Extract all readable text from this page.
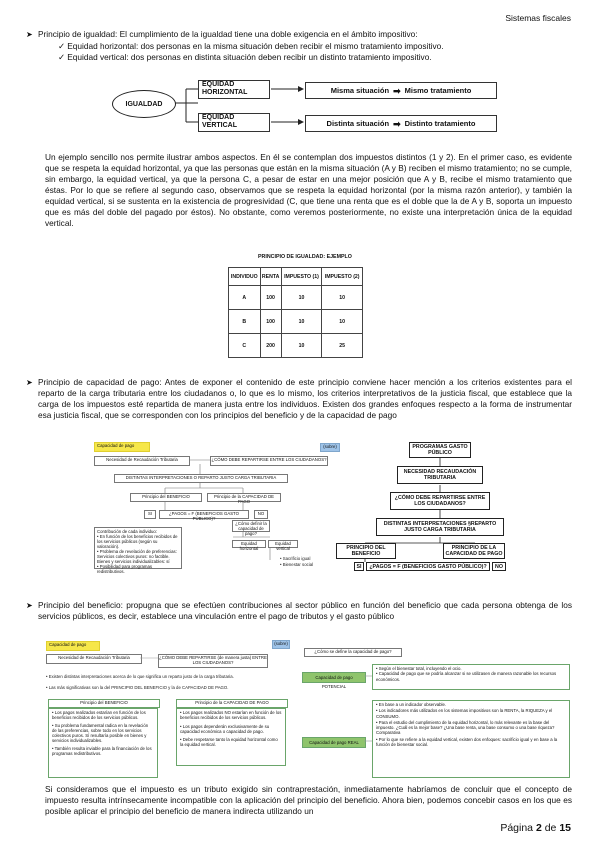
Sistemas fiscales
➤ Principio de igualdad: El cumplimiento de la igualdad tiene una doble exigencia en el ámbito impositivo:
✓ Equidad horizontal: dos personas en la misma situación deben recibir el mismo tratamiento impositivo.
✓ Equidad vertical: dos personas en distinta situación deben recibir un distinto tratamiento impositivo.
IGUALDAD
EQUIDAD HORIZONTAL
EQUIDAD VERTICAL
Misma situación ➡ Mismo tratamiento
Distinta situación ➡ Distinto tratamiento
Un ejemplo sencillo nos permite ilustrar ambos aspectos. En él se contemplan dos impuestos distintos (1 y 2). En el primer caso, es evidente que se respeta la equidad horizontal, ya que las personas que están en la misma situación (A y B) reciben el mismo tratamiento; no se cumple, sin embargo, la equidad vertical, ya que la persona C, a pesar de estar en una mejor posición que A y B, recibe el mismo tratamiento que éstas. Por lo que se refiere al segundo caso, observamos que se respeta la equidad horizontal (por la misma razón anterior), y también la equidad vertical, si se sustenta en la existencia de progresividad (C, que tiene una renta que es el doble que la de A y B, soporta un impuesto que es más del doble del pagado por éstos). No obstante, como veremos posteriormente, no existe una interpretación única de la equidad vertical.
PRINCIPIO DE IGUALDAD: EJEMPLO
INDIVIDUO	RENTA	IMPUESTO (1)	IMPUESTO (2)
A	100	10	10
B	100	10	10
C	200	10	25
➤ Principio de capacidad de pago: Antes de exponer el contenido de este principio conviene hacer mención a los criterios existentes para el reparto de la carga tributaria entre los ciudadanos o, lo que es lo mismo, los criterios interpretativos de la justicia fiscal, que establece que la carga de los impuestos esté repartida de manera justa entre los individuos. Existen dos grandes enfoques respecto a la forma de instrumentar esa justicia fiscal, que se corresponden con los principios del beneficio y de la capacidad de pago
Capacidad de pago	(sobre)
Necesidad de Recaudación Tributaria	¿CÓMO DEBE REPARTIRSE ENTRE LOS CIUDADANOS?
DISTINTAS INTERPRETACIONES O REPARTO JUSTO CARGA TRIBUTARIA
Principio del BENEFICIO	Principio de la CAPACIDAD DE PAGO
SI	¿PAGOS = F (BENEFICIOS GASTO PÚBLICO)?
NO
¿Cómo definir la capacidad de pago?
Equidad horizontal
Equidad vertical
• Sacrificio igual
• Bienestar social
Contribución de cada individuo:
• En función de los beneficios recibidos de los servicios públicos (según su valoración).
• Problema de revelación de preferencias: Servicios colectivos puros: no factible. Bienes y servicios individualizables: sí
• Posibilidad para programas redistributivos.
PROGRAMAS GASTO PÚBLICO
NECESIDAD RECAUDACIÓN TRIBUTARIA
¿CÓMO DEBE REPARTIRSE ENTRE LOS CIUDADANOS?
DISTINTAS INTERPRETACIONES §REPARTO JUSTO CARGA TRIBUTARIA
PRINCIPIO DEL BENEFICIO
PRINCIPIO DE LA CAPACIDAD DE PAGO
SI	¿PAGOS = F (BENEFICIOS GASTO PÚBLICO)?	NO
➤ Principio del beneficio: propugna que se efectúen contribuciones al sector público en función del beneficio que cada persona obtenga de los servicios públicos, es decir, establece una vinculación entre el pago de tributos y el gasto público
Capacidad de pago	(sobre)
Necesidad de Recaudación Tributaria	¿CÓMO DEBE REPARTIRSE (de manera justa) ENTRE LOS CIUDADANOS?
• Existen distintas interpretaciones acerca de lo que significa un reparto justo de la carga tributaria.
• Las más significativas son la del PRINCIPIO DEL BENEFICIO y la de CAPACIDAD DE PAGO.
Principio del BENEFICIO
• Los pagos realizados estarían en función de los beneficios recibidos de los servicios públicos.
• Su problema fundamental radica en la revelación de las preferencias, sobre todo en los servicios colectivos puros. Sí resultaría posible en bienes y servicios individualizables.
• También resulta inviable para la financiación de los programas redistributivos.
Principio de la CAPACIDAD DE PAGO
• Los pagos realizados NO estarían en función de los beneficios recibidos de los servicios públicos.
• Los pagos dependerán exclusivamente de su capacidad económica o capacidad de pago.
• Debe respetarse tanto la equidad horizontal como la equidad vertical.
¿Cómo se define la capacidad de pago?
Capacidad de pago POTENCIAL
• Según el bienestar total, incluyendo el ocio.
• Capacidad de pago que se podría alcanzar si se utilizasen de manera razonable los recursos económicos.
Capacidad de pago REAL
• En base a un indicador observable.
• Los indicadores más utilizados en los sistemas impositivos son la RENTA, la RIQUEZA y el CONSUMO.
• Para el estudio del cumplimiento de la equidad horizontal, lo más relevante es la base del impuesto. ¿Cuál es la mejor base? ¿Una base renta, una base consumo o una base riqueza? Comparativa
• Por lo que se refiere a la equidad vertical, existen dos enfoques: sacrificio igual y en base a la función de bienestar social.
Si consideramos que el impuesto es un tributo exigido sin contraprestación, inmediatamente habríamos de concluir que el concepto de impuesto resulta intrínsecamente incompatible con la aplicación del principio del beneficio. Ahora bien, podemos concebir casos en los que es posible aplicar el principio del beneficio de manera indirecta utilizando un
Página 2 de 15
